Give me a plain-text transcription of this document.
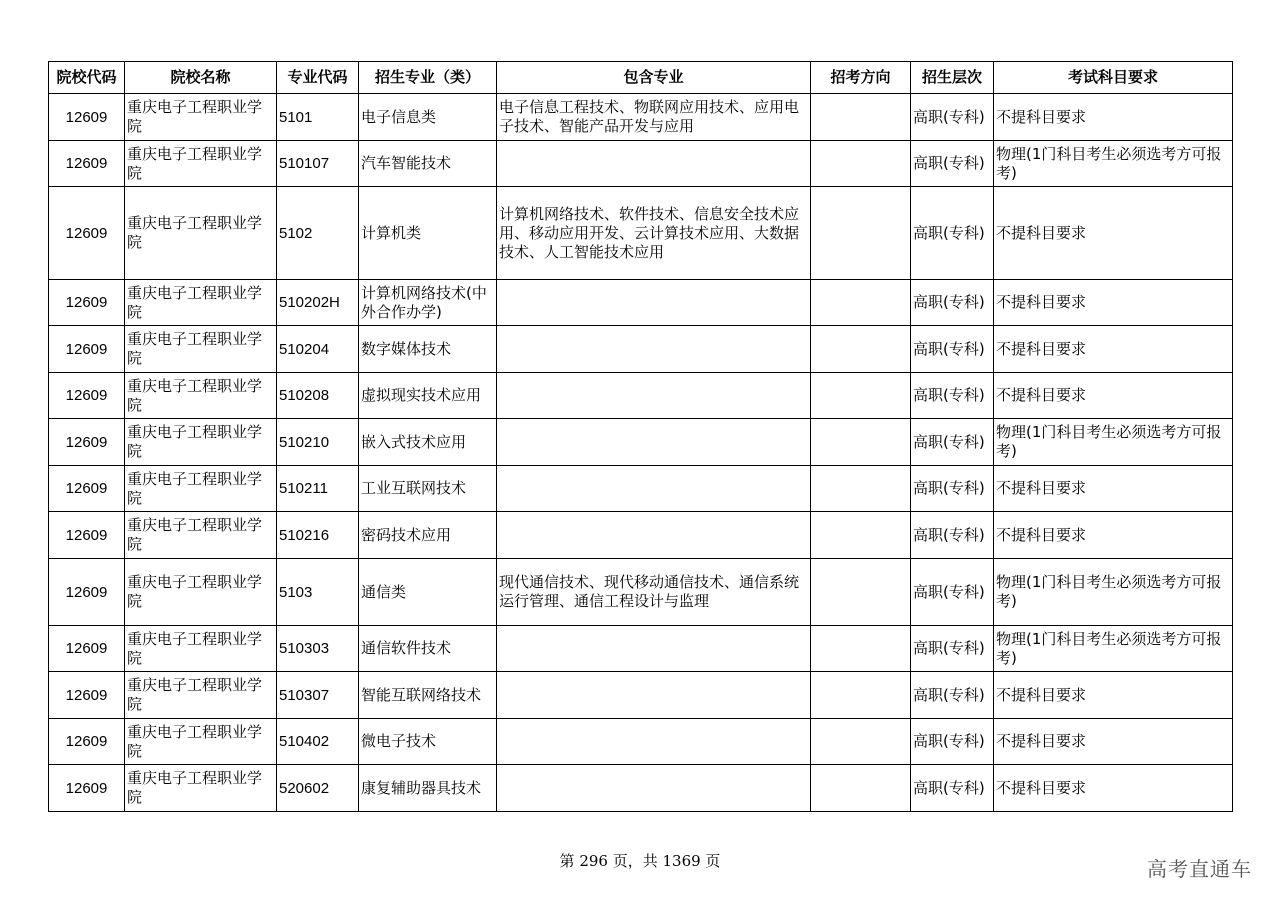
院校代码	院校名称	专业代码	招生专业（类）	包含专业	招考方向	招生层次	考试科目要求
12609	重庆电子工程职业学院	5101	电子信息类	电子信息工程技术、物联网应用技术、应用电子技术、智能产品开发与应用		高职(专科)	不提科目要求
12609	重庆电子工程职业学院	510107	汽车智能技术			高职(专科)	物理(1门科目考生必须选考方可报考)
12609	重庆电子工程职业学院	5102	计算机类	计算机网络技术、软件技术、信息安全技术应用、移动应用开发、云计算技术应用、大数据技术、人工智能技术应用		高职(专科)	不提科目要求
12609	重庆电子工程职业学院	510202H	计算机网络技术(中外合作办学)			高职(专科)	不提科目要求
12609	重庆电子工程职业学院	510204	数字媒体技术			高职(专科)	不提科目要求
12609	重庆电子工程职业学院	510208	虚拟现实技术应用			高职(专科)	不提科目要求
12609	重庆电子工程职业学院	510210	嵌入式技术应用			高职(专科)	物理(1门科目考生必须选考方可报考)
12609	重庆电子工程职业学院	510211	工业互联网技术			高职(专科)	不提科目要求
12609	重庆电子工程职业学院	510216	密码技术应用			高职(专科)	不提科目要求
12609	重庆电子工程职业学院	5103	通信类	现代通信技术、现代移动通信技术、通信系统运行管理、通信工程设计与监理		高职(专科)	物理(1门科目考生必须选考方可报考)
12609	重庆电子工程职业学院	510303	通信软件技术			高职(专科)	物理(1门科目考生必须选考方可报考)
12609	重庆电子工程职业学院	510307	智能互联网络技术			高职(专科)	不提科目要求
12609	重庆电子工程职业学院	510402	微电子技术			高职(专科)	不提科目要求
12609	重庆电子工程职业学院	520602	康复辅助器具技术			高职(专科)	不提科目要求
第 296 页，共 1369 页	高考直通车
